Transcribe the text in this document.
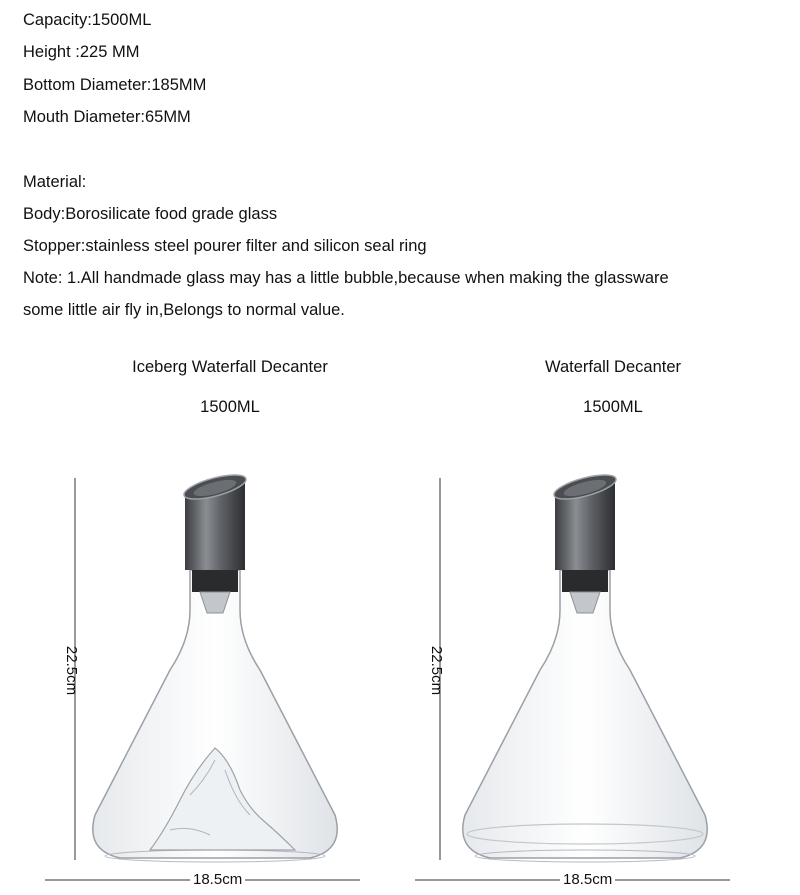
Capacity:1500ML
Height :225 MM
Bottom Diameter:185MM
Mouth Diameter:65MM
Material:
Body:Borosilicate food grade glass
Stopper:stainless steel pourer filter and silicon seal ring
Note: 1.All handmade glass may has a little bubble,because when making the glassware
some little air fly in,Belongs to normal value.
Iceberg Waterfall Decanter
1500ML
Waterfall Decanter
1500ML
22.5cm
18.5cm
22.5cm
18.5cm
